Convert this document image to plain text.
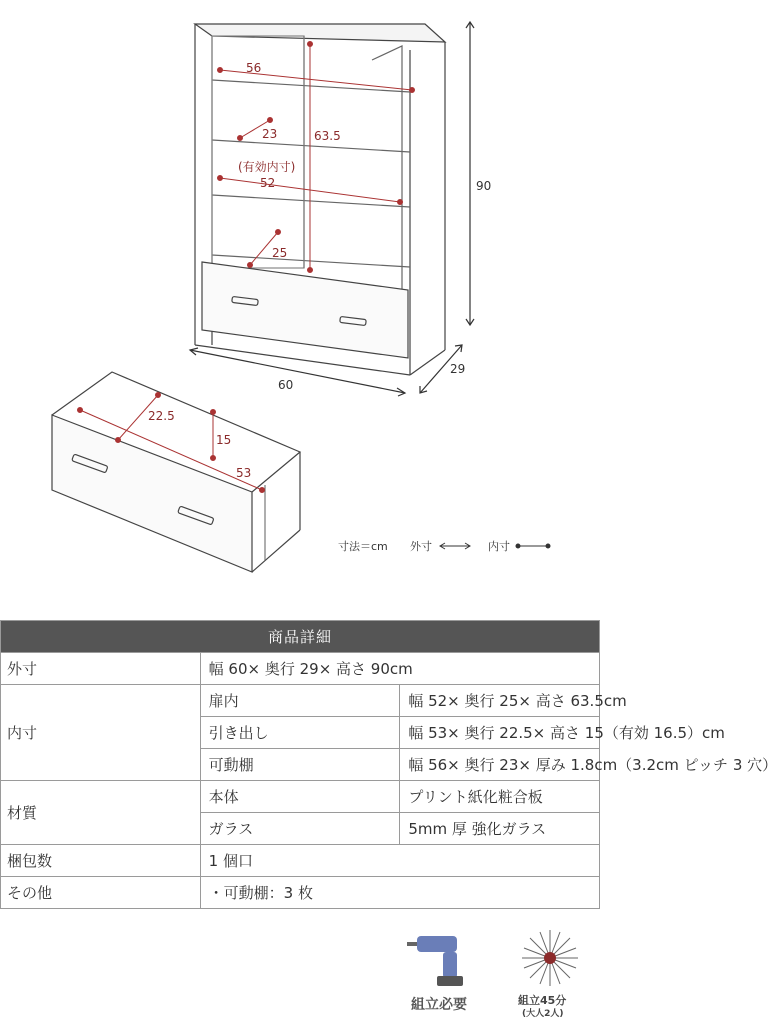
56
23	63.5
(有効内寸)
52
25
90
60
29
22.5
15
53
寸法＝cm 外寸	内寸
商品詳細		
外寸	幅 60× 奥行 29× 高さ 90cm	
内寸	扉内	幅 52× 奥行 25× 高さ 63.5cm
	引き出し	幅 53× 奥行 22.5× 高さ 15（有効 16.5）cm
	可動棚	幅 56× 奥行 23× 厚み 1.8cm（3.2cm ピッチ 3 穴）
材質	本体	プリント紙化粧合板
	ガラス	5mm 厚 強化ガラス
梱包数	1 個口	
その他	・可動棚：3 枚	
組立必要	組立45分
(大人2人)
